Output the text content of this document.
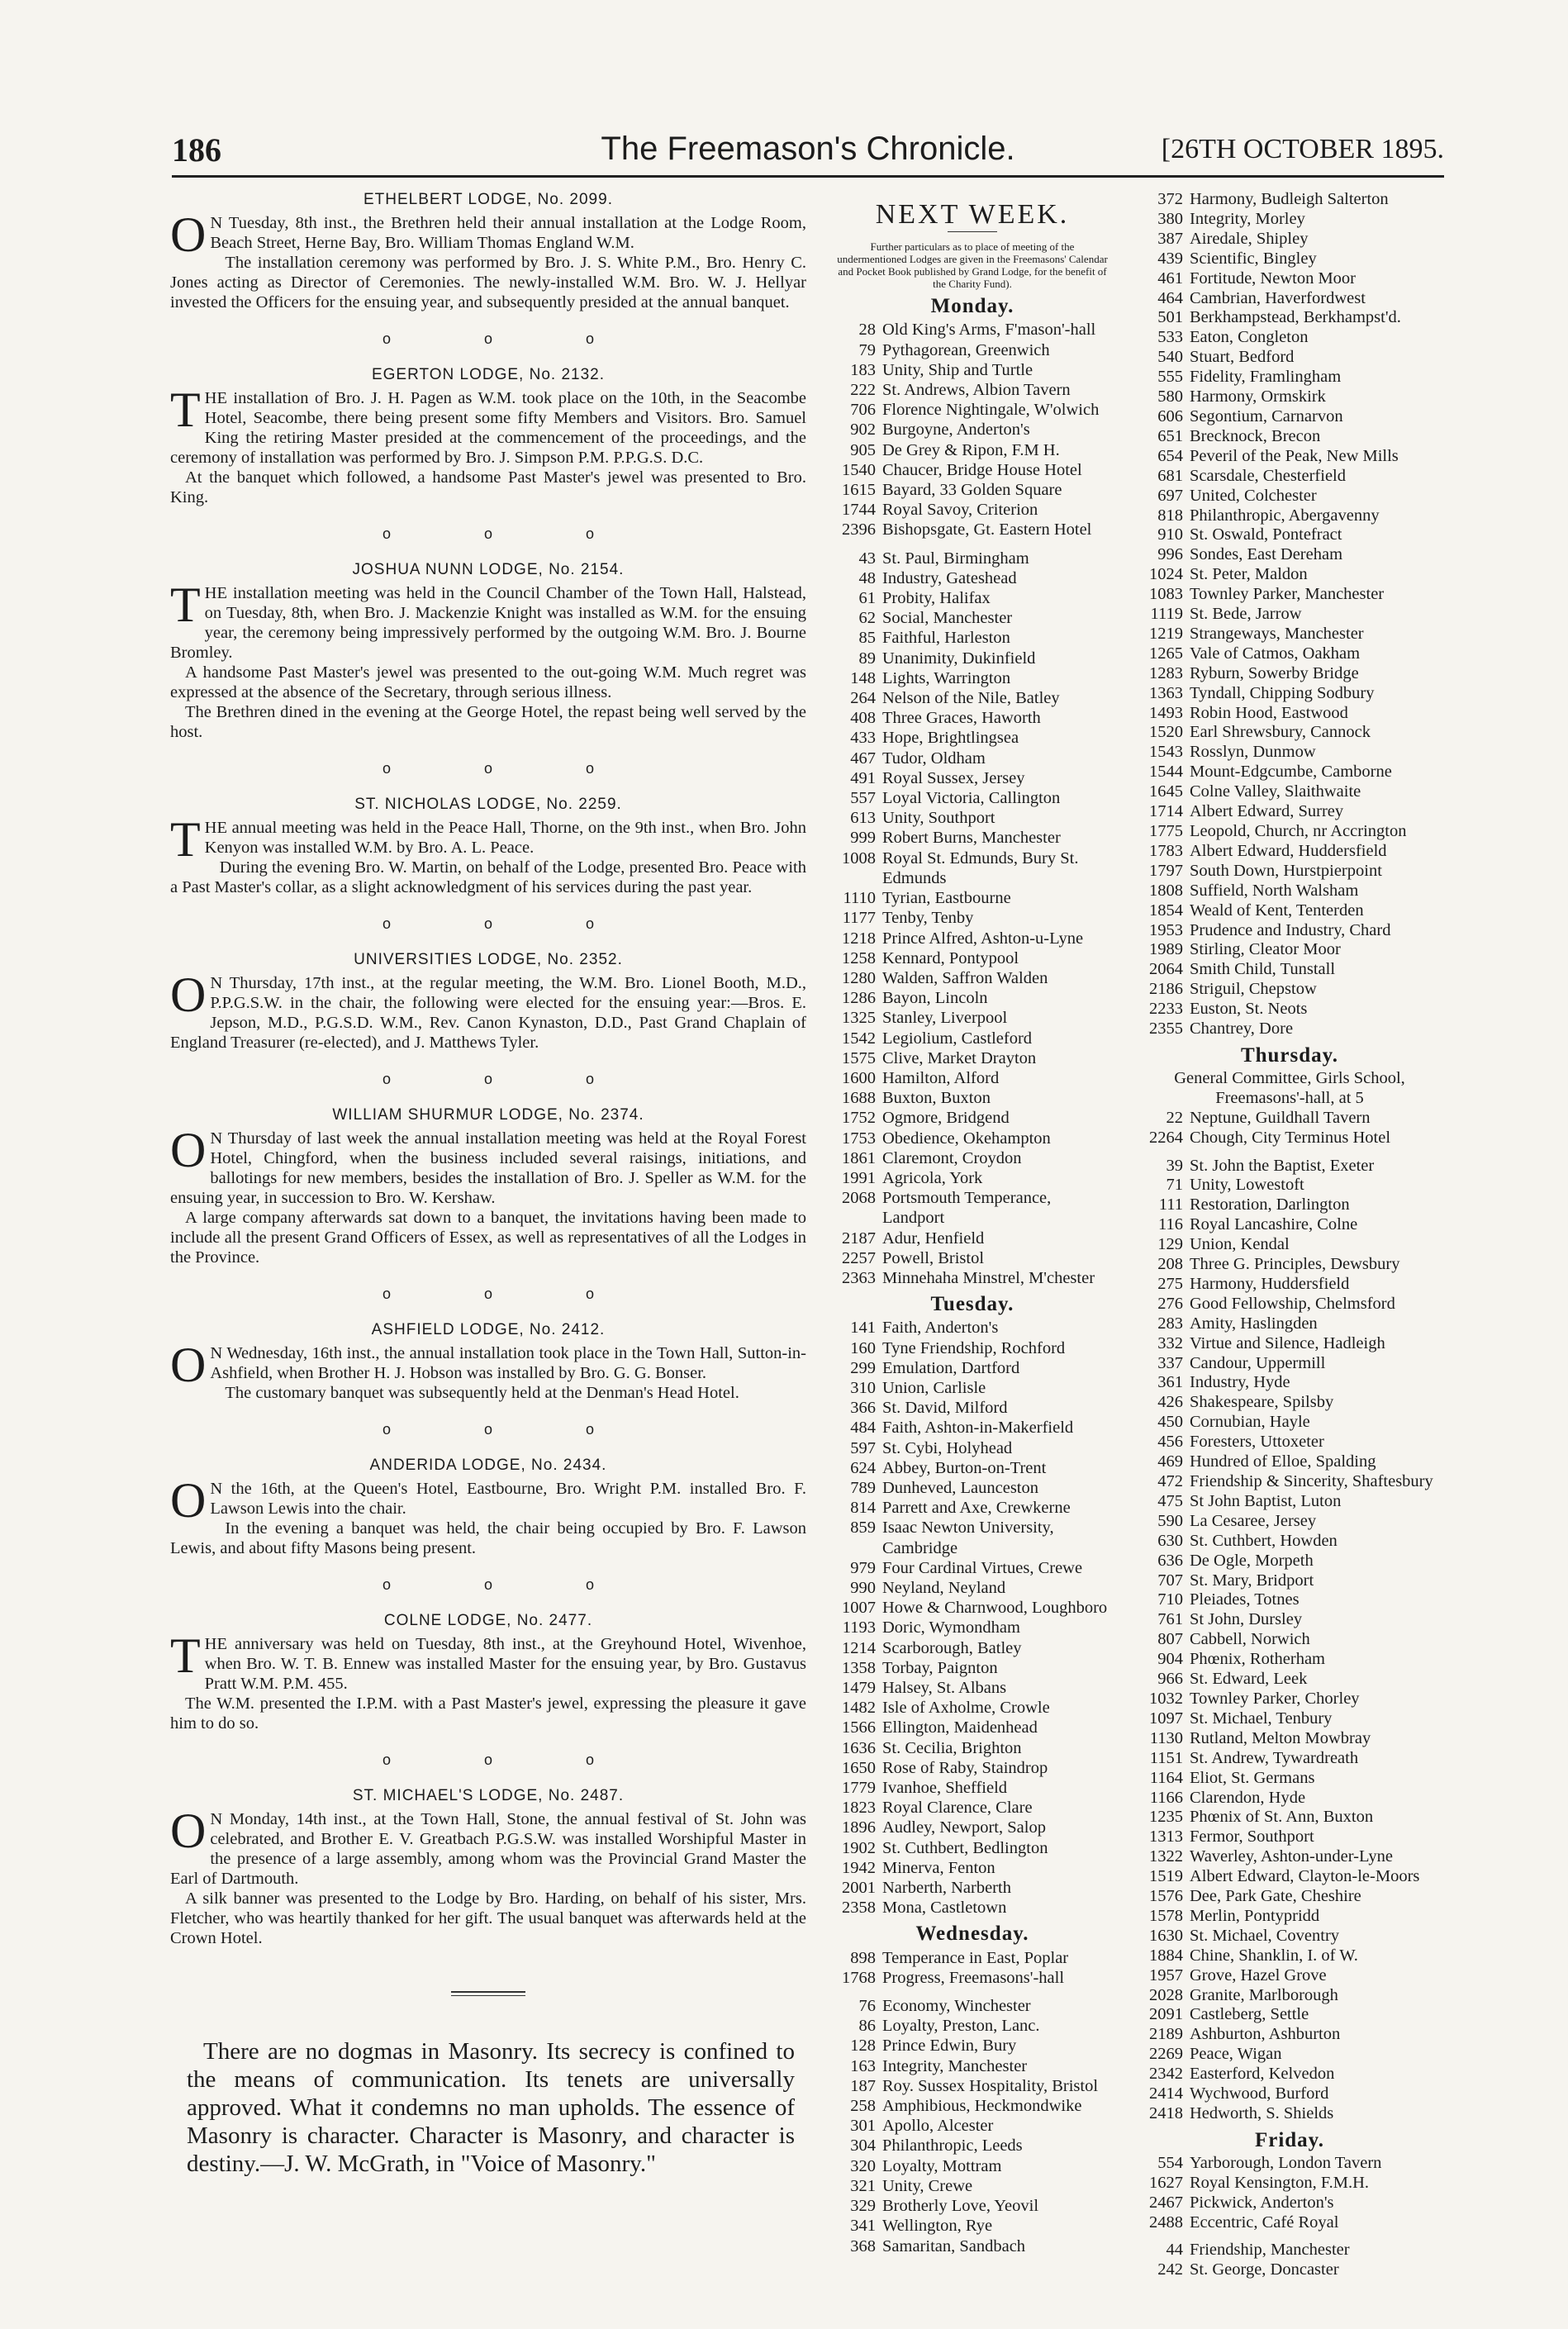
186	The Freemason's Chronicle.	[26TH OCTOBER 1895.
ETHELBERT LODGE, No. 2099.

O N Tuesday, 8th inst., the Brethren held their annual installation at the Lodge Room, Beach Street, Herne Bay, Bro. William Thomas England W.M.

The installation ceremony was performed by Bro. J. S. White P.M., Bro. Henry C. Jones acting as Director of Ceremonies. The newly-installed W.M. Bro. W. J. Hellyar invested the Officers for the ensuing year, and subsequently presided at the annual banquet.

o o o
EGERTON LODGE, No. 2132.

THE installation of Bro. J. H. Pagen as W.M. took place on the 10th, in the Seacombe Hotel, Seacombe, there being present some fifty Members and Visitors. Bro. Samuel King the retiring Master presided at the commencement of the proceedings, and the ceremony of installation was performed by Bro. J. Simpson P.M. P.P.G.S. D.C.

At the banquet which followed, a handsome Past Master's jewel was presented to Bro. King.

o o o
JOSHUA NUNN LODGE, No. 2154.

THE installation meeting was held in the Council Chamber of the Town Hall, Halstead, on Tuesday, 8th, when Bro. J. Mackenzie Knight was installed as W.M. for the ensuing year, the ceremony being impressively performed by the outgoing W.M. Bro. J. Bourne Bromley.

A handsome Past Master's jewel was presented to the out-going W.M. Much regret was expressed at the absence of the Secretary, through serious illness.

The Brethren dined in the evening at the George Hotel, the repast being well served by the host.

o o o
ST. NICHOLAS LODGE, No. 2259.

THE annual meeting was held in the Peace Hall, Thorne, on the 9th inst., when Bro. John Kenyon was installed W.M. by Bro. A. L. Peace.

During the evening Bro. W. Martin, on behalf of the Lodge, presented Bro. Peace with a Past Master's collar, as a slight acknowledgment of his services during the past year.

o o o
UNIVERSITIES LODGE, No. 2352.

O N Thursday, 17th inst., at the regular meeting, the W.M. Bro. Lionel Booth, M.D., P.P.G.S.W. in the chair, the following were elected for the ensuing year:—Bros. E. Jepson, M.D., P.G.S.D. W.M., Rev. Canon Kynaston, D.D., Past Grand Chaplain of England Treasurer (re-elected), and J. Matthews Tyler.

o o o
WILLIAM SHURMUR LODGE, No. 2374.

O N Thursday of last week the annual installation meeting was held at the Royal Forest Hotel, Chingford, when the business included several raisings, initiations, and ballotings for new members, besides the installation of Bro. J. Speller as W.M. for the ensuing year, in succession to Bro. W. Kershaw.

A large company afterwards sat down to a banquet, the invitations having been made to include all the present Grand Officers of Essex, as well as representatives of all the Lodges in the Province.

o o o
ASHFIELD LODGE, No. 2412.

O N Wednesday, 16th inst., the annual installation took place in the Town Hall, Sutton-in-Ashfield, when Brother H. J. Hobson was installed by Bro. G. G. Bonser.

The customary banquet was subsequently held at the Denman's Head Hotel.

o o o
ANDERIDA LODGE, No. 2434.

O N the 16th, at the Queen's Hotel, Eastbourne, Bro. Wright P.M. installed Bro. F. Lawson Lewis into the chair.

In the evening a banquet was held, the chair being occupied by Bro. F. Lawson Lewis, and about fifty Masons being present.

o o o
COLNE LODGE, No. 2477.

THE anniversary was held on Tuesday, 8th inst., at the Greyhound Hotel, Wivenhoe, when Bro. W. T. B. Ennew was installed Master for the ensuing year, by Bro. Gustavus Pratt W.M. P.M. 455.

The W.M. presented the I.P.M. with a Past Master's jewel, expressing the pleasure it gave him to do so.

o o o
ST. MICHAEL'S LODGE, No. 2487.

O N Monday, 14th inst., at the Town Hall, Stone, the annual festival of St. John was celebrated, and Brother E. V. Greatbach P.G.S.W. was installed Worshipful Master in the presence of a large assembly, among whom was the Provincial Grand Master the Earl of Dartmouth.

A silk banner was presented to the Lodge by Bro. Harding, on behalf of his sister, Mrs. Fletcher, who was heartily thanked for her gift. The usual banquet was afterwards held at the Crown Hotel.

There are no dogmas in Masonry. Its secrecy is confined to the means of communication. Its tenets are universally approved. What it condemns no man upholds. The essence of Masonry is character. Character is Masonry, and character is destiny.—J. W. McGrath, in "Voice of Masonry."

NEXT WEEK.
Further particulars as to place of meeting of the undermentioned Lodges are given in the Freemasons' Calendar and Pocket Book published by Grand Lodge, for the benefit of the Charity Fund).
Monday.
28 Old King's Arms, F'mason'-hall
79 Pythagorean, Greenwich
183 Unity, Ship and Turtle
222 St. Andrews, Albion Tavern
706 Florence Nightingale, W'olwich
902 Burgoyne, Anderton's
905 De Grey & Ripon, F.M H.
1540 Chaucer, Bridge House Hotel
1615 Bayard, 33 Golden Square
1744 Royal Savoy, Criterion
2396 Bishopsgate, Gt. Eastern Hotel
43 St. Paul, Birmingham
48 Industry, Gateshead
61 Probity, Halifax
62 Social, Manchester
85 Faithful, Harleston
89 Unanimity, Dukinfield
148 Lights, Warrington
264 Nelson of the Nile, Batley
408 Three Graces, Haworth
433 Hope, Brightlingsea
467 Tudor, Oldham
491 Royal Sussex, Jersey
557 Loyal Victoria, Callington
613 Unity, Southport
999 Robert Burns, Manchester
1008 Royal St. Edmunds, Bury St. Edmunds
1110 Tyrian, Eastbourne
1177 Tenby, Tenby
1218 Prince Alfred, Ashton-u-Lyne
1258 Kennard, Pontypool
1280 Walden, Saffron Walden
1286 Bayon, Lincoln
1325 Stanley, Liverpool
1542 Legiolium, Castleford
1575 Clive, Market Drayton
1600 Hamilton, Alford
1688 Buxton, Buxton
1752 Ogmore, Bridgend
1753 Obedience, Okehampton
1861 Claremont, Croydon
1991 Agricola, York
2068 Portsmouth Temperance, Landport
2187 Adur, Henfield
2257 Powell, Bristol
2363 Minnehaha Minstrel, M'chester
Tuesday.
141 Faith, Anderton's
160 Tyne Friendship, Rochford
299 Emulation, Dartford
310 Union, Carlisle
366 St. David, Milford
484 Faith, Ashton-in-Makerfield
597 St. Cybi, Holyhead
624 Abbey, Burton-on-Trent
789 Dunheved, Launceston
814 Parrett and Axe, Crewkerne
859 Isaac Newton University, Cambridge
979 Four Cardinal Virtues, Crewe
990 Neyland, Neyland
1007 Howe & Charnwood, Loughboro
1193 Doric, Wymondham
1214 Scarborough, Batley
1358 Torbay, Paignton
1479 Halsey, St. Albans
1482 Isle of Axholme, Crowle
1566 Ellington, Maidenhead
1636 St. Cecilia, Brighton
1650 Rose of Raby, Staindrop
1779 Ivanhoe, Sheffield
1823 Royal Clarence, Clare
1896 Audley, Newport, Salop
1902 St. Cuthbert, Bedlington
1942 Minerva, Fenton
2001 Narberth, Narberth
2358 Mona, Castletown
Wednesday.
898 Temperance in East, Poplar
1768 Progress, Freemasons'-hall
76 Economy, Winchester
86 Loyalty, Preston, Lanc.
128 Prince Edwin, Bury
163 Integrity, Manchester
187 Roy. Sussex Hospitality, Bristol
258 Amphibious, Heckmondwike
301 Apollo, Alcester
304 Philanthropic, Leeds
320 Loyalty, Mottram
321 Unity, Crewe
329 Brotherly Love, Yeovil
341 Wellington, Rye
368 Samaritan, Sandbach
372 Harmony, Budleigh Salterton
380 Integrity, Morley
387 Airedale, Shipley
439 Scientific, Bingley
461 Fortitude, Newton Moor
464 Cambrian, Haverfordwest
501 Berkhampstead, Berkhampst'd.
533 Eaton, Congleton
540 Stuart, Bedford
555 Fidelity, Framlingham
580 Harmony, Ormskirk
606 Segontium, Carnarvon
651 Brecknock, Brecon
654 Peveril of the Peak, New Mills
681 Scarsdale, Chesterfield
697 United, Colchester
818 Philanthropic, Abergavenny
910 St. Oswald, Pontefract
996 Sondes, East Dereham
1024 St. Peter, Maldon
1083 Townley Parker, Manchester
1119 St. Bede, Jarrow
1219 Strangeways, Manchester
1265 Vale of Catmos, Oakham
1283 Ryburn, Sowerby Bridge
1363 Tyndall, Chipping Sodbury
1493 Robin Hood, Eastwood
1520 Earl Shrewsbury, Cannock
1543 Rosslyn, Dunmow
1544 Mount-Edgcumbe, Camborne
1645 Colne Valley, Slaithwaite
1714 Albert Edward, Surrey
1775 Leopold, Church, nr Accrington
1783 Albert Edward, Huddersfield
1797 South Down, Hurstpierpoint
1808 Suffield, North Walsham
1854 Weald of Kent, Tenterden
1953 Prudence and Industry, Chard
1989 Stirling, Cleator Moor
2064 Smith Child, Tunstall
2186 Striguil, Chepstow
2233 Euston, St. Neots
2355 Chantrey, Dore
Thursday.
General Committee, Girls School, Freemasons'-hall, at 5
22 Neptune, Guildhall Tavern
2264 Chough, City Terminus Hotel
39 St. John the Baptist, Exeter
71 Unity, Lowestoft
111 Restoration, Darlington
116 Royal Lancashire, Colne
129 Union, Kendal
208 Three G. Principles, Dewsbury
275 Harmony, Huddersfield
276 Good Fellowship, Chelmsford
283 Amity, Haslingden
332 Virtue and Silence, Hadleigh
337 Candour, Uppermill
361 Industry, Hyde
426 Shakespeare, Spilsby
450 Cornubian, Hayle
456 Foresters, Uttoxeter
469 Hundred of Elloe, Spalding
472 Friendship & Sincerity, Shaftesbury
475 St John Baptist, Luton
590 La Cesaree, Jersey
630 St. Cuthbert, Howden
636 De Ogle, Morpeth
707 St. Mary, Bridport
710 Pleiades, Totnes
761 St John, Dursley
807 Cabbell, Norwich
904 Phœnix, Rotherham
966 St. Edward, Leek
1032 Townley Parker, Chorley
1097 St. Michael, Tenbury
1130 Rutland, Melton Mowbray
1151 St. Andrew, Tywardreath
1164 Eliot, St. Germans
1166 Clarendon, Hyde
1235 Phœnix of St. Ann, Buxton
1313 Fermor, Southport
1322 Waverley, Ashton-under-Lyne
1519 Albert Edward, Clayton-le-Moors
1576 Dee, Park Gate, Cheshire
1578 Merlin, Pontypridd
1630 St. Michael, Coventry
1884 Chine, Shanklin, I. of W.
1957 Grove, Hazel Grove
2028 Granite, Marlborough
2091 Castleberg, Settle
2189 Ashburton, Ashburton
2269 Peace, Wigan
2342 Easterford, Kelvedon
2414 Wychwood, Burford
2418 Hedworth, S. Shields
Friday.
554 Yarborough, London Tavern
1627 Royal Kensington, F.M.H.
2467 Pickwick, Anderton's
2488 Eccentric, Café Royal
44 Friendship, Manchester
242 St. George, Doncaster
